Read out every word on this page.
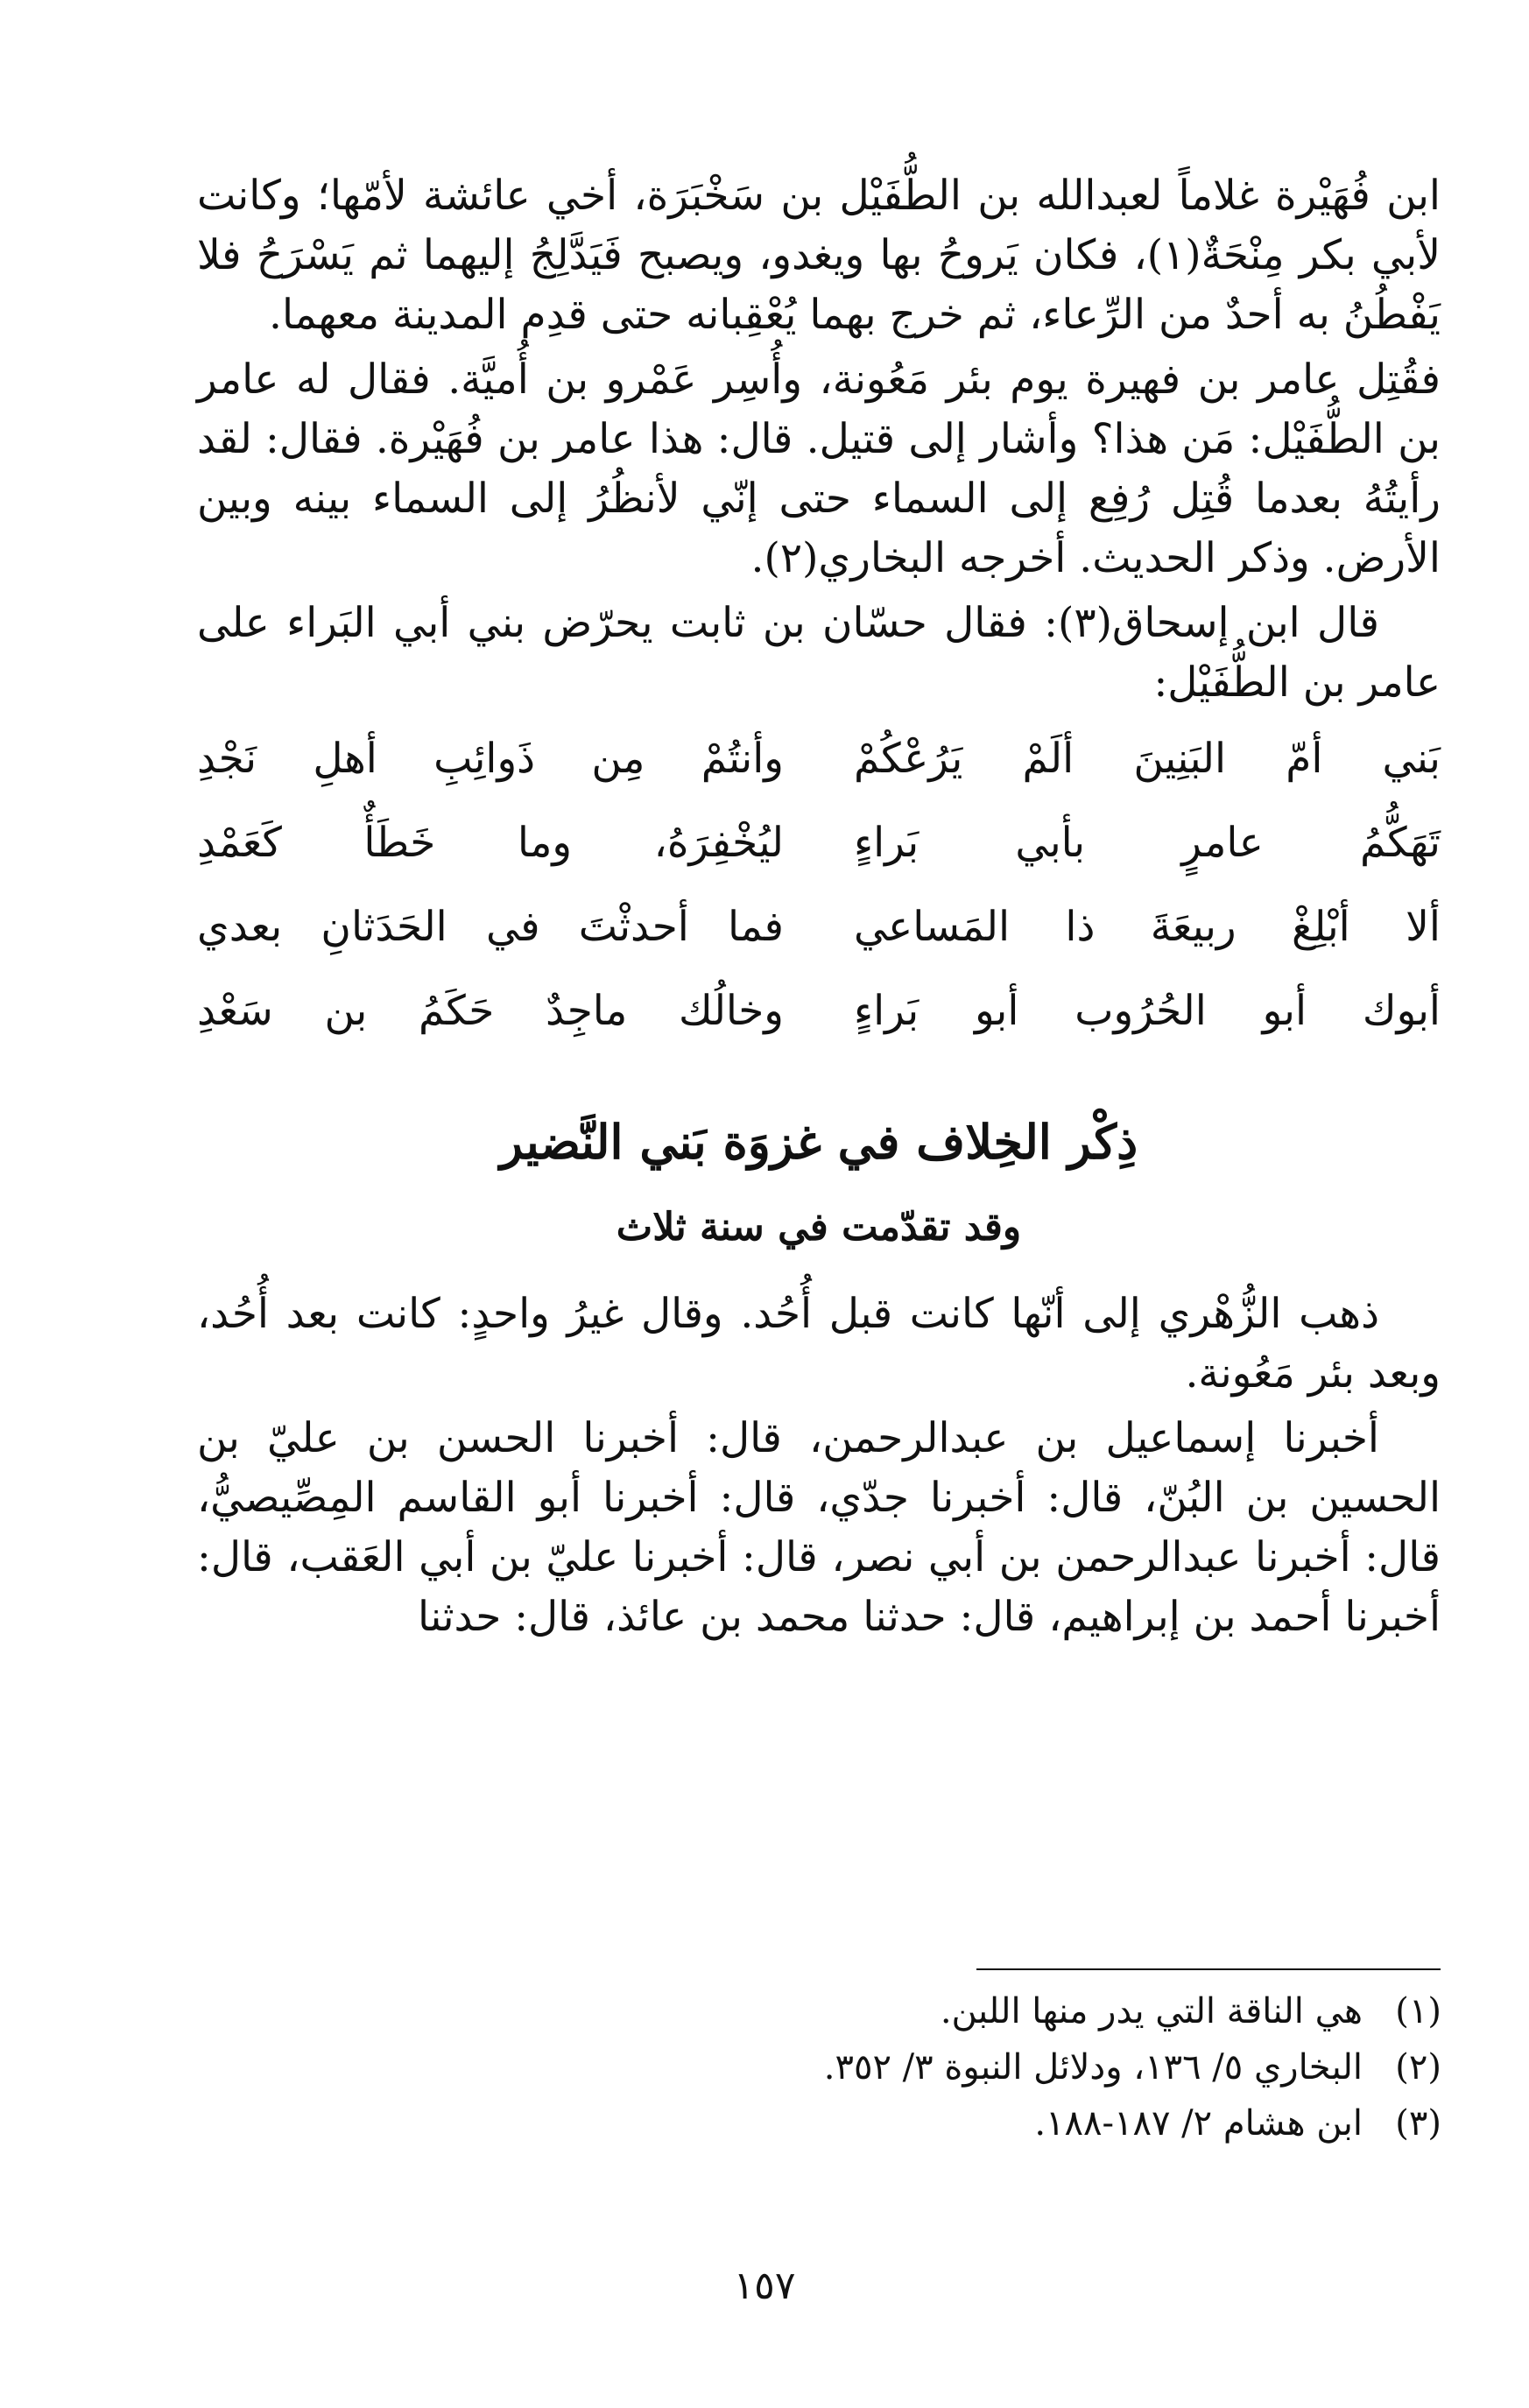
ابن فُهَيْرة غلاماً لعبدالله بن الطُّفَيْل بن سَخْبَرَة، أخي عائشة لأمّها؛ وكانت لأبي بكر مِنْحَةٌ(١)، فكان يَروحُ بها ويغدو، ويصبح فَيَدَّلِجُ إليهما ثم يَسْرَحُ فلا يَفْطُنُ به أحدٌ من الرِّعاء، ثم خرج بهما يُعْقِبانه حتى قدِم المدينة معهما.

فقُتِل عامر بن فهيرة يوم بئر مَعُونة، وأُسِر عَمْرو بن أُميَّة. فقال له عامر بن الطُّفَيْل: مَن هذا؟ وأشار إلى قتيل. قال: هذا عامر بن فُهَيْرة. فقال: لقد رأيتُهُ بعدما قُتِل رُفِع إلى السماء حتى إنّي لأنظُرُ إلى السماء بينه وبين الأرض. وذكر الحديث. أخرجه البخاري(٢).

قال ابن إسحاق(٣): فقال حسّان بن ثابت يحرّض بني أبي البَراء على عامر بن الطُّفَيْل:

بَني أمّ البَنِينَ ألَمْ يَرُعْكُمْ
وأنتُمْ مِن ذَوائِبِ أهلِ نَجْدِ
تَهَكُّمُ عامرٍ بأبي بَراءٍ
ليُخْفِرَهُ، وما خَطَأٌ كَعَمْدِ
ألا أبْلِغْ ربيعَةَ ذا المَساعي
فما أحدثْتَ في الحَدَثانِ بعدي
أبوك أبو الحُرُوب أبو بَراءٍ
وخالُك ماجِدٌ حَكَمُ بن سَعْدِ
ذِكْر الخِلاف في غزوَة بَني النَّضير
وقد تقدّمت في سنة ثلاث

ذهب الزُّهْري إلى أنّها كانت قبل أُحُد. وقال غيرُ واحدٍ: كانت بعد أُحُد، وبعد بئر مَعُونة.

أخبرنا إسماعيل بن عبدالرحمن، قال: أخبرنا الحسن بن عليّ بن الحسين بن البُنّ، قال: أخبرنا جدّي، قال: أخبرنا أبو القاسم المِصِّيصيُّ، قال: أخبرنا عبدالرحمن بن أبي نصر، قال: أخبرنا عليّ بن أبي العَقب، قال: أخبرنا أحمد بن إبراهيم، قال: حدثنا محمد بن عائذ، قال: حدثنا

(١)هي الناقة التي يدر منها اللبن.

(٢)البخاري ٥/ ١٣٦، ودلائل النبوة ٣/ ٣٥٢.

(٣)ابن هشام ٢/ ١٨٧-١٨٨.

١٥٧
